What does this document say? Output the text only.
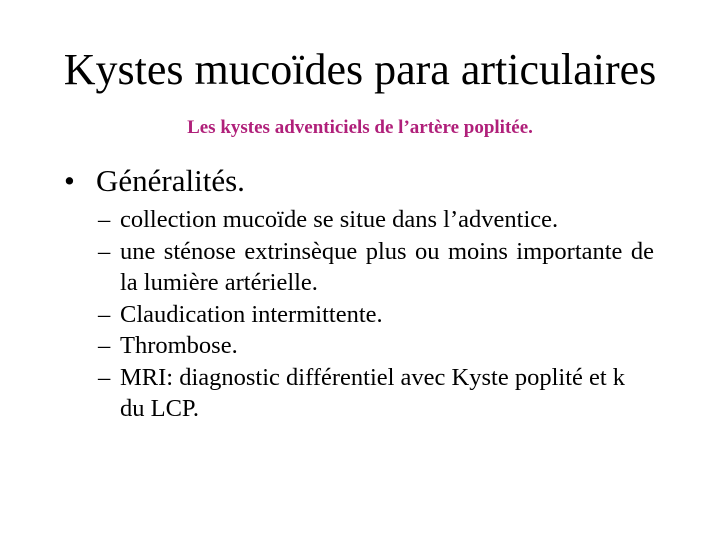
Kystes mucoïdes para articulaires
Les kystes adventiciels de l’artère poplitée.
• Généralités.
– collection mucoïde se situe dans l’adventice.
– une sténose extrinsèque plus ou moins importante de la lumière artérielle.
– Claudication intermittente.
– Thrombose.
– MRI: diagnostic différentiel avec Kyste poplité et k du LCP.
